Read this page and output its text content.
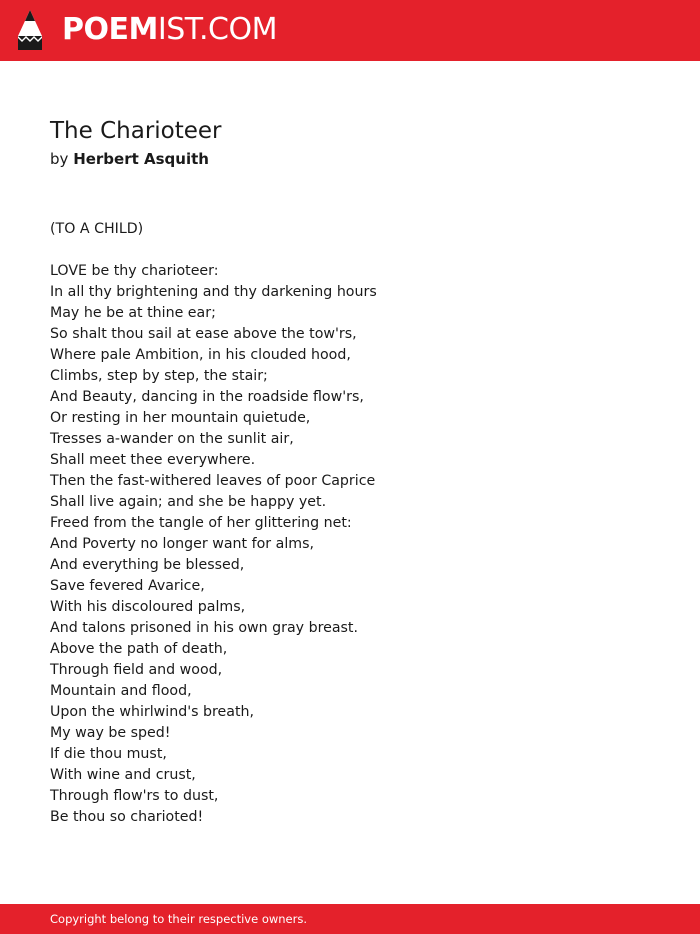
POEMIST.COM
The Charioteer
by Herbert Asquith
(TO A CHILD)
LOVE be thy charioteer:
In all thy brightening and thy darkening hours
May he be at thine ear;
So shalt thou sail at ease above the tow'rs,
Where pale Ambition, in his clouded hood,
Climbs, step by step, the stair;
And Beauty, dancing in the roadside flow'rs,
Or resting in her mountain quietude,
Tresses a-wander on the sunlit air,
Shall meet thee everywhere.
Then the fast-withered leaves of poor Caprice
Shall live again; and she be happy yet.
Freed from the tangle of her glittering net:
And Poverty no longer want for alms,
And everything be blessed,
Save fevered Avarice,
With his discoloured palms,
And talons prisoned in his own gray breast.
Above the path of death,
Through field and wood,
Mountain and flood,
Upon the whirlwind's breath,
My way be sped!
If die thou must,
With wine and crust,
Through flow'rs to dust,
Be thou so charioted!
Copyright belong to their respective owners.
